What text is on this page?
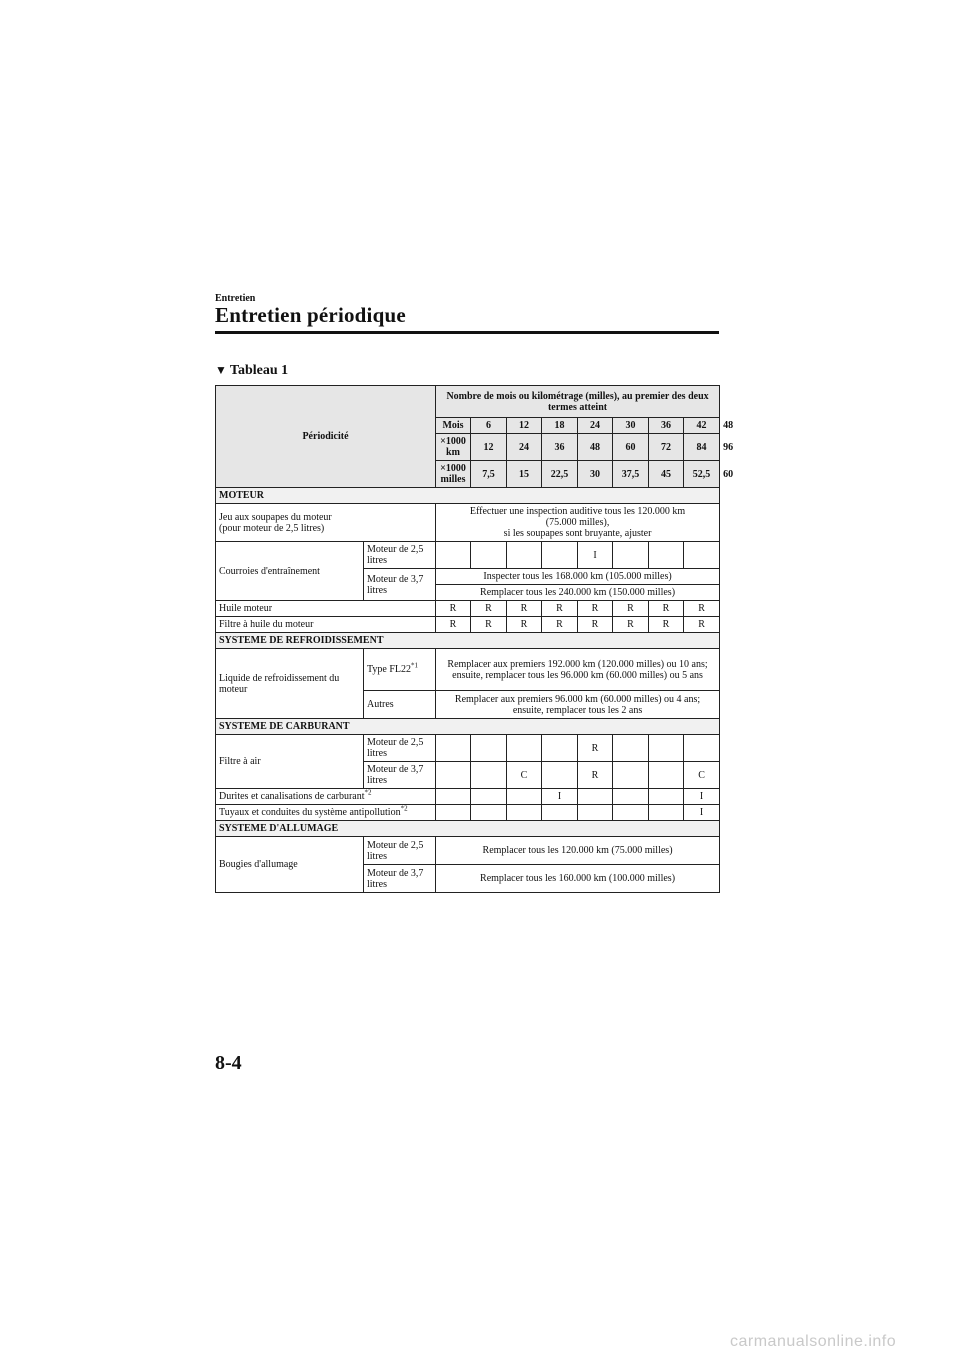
Entretien
Entretien périodique
▼ Tableau 1
Périodicité		Nombre de mois ou kilométrage (milles), au premier des deux termes atteint								
		Mois	6	12	18	24	30	36	42	48
		×1000 km	12	24	36	48	60	72	84	96
		×1000 milles	7,5	15	22,5	30	37,5	45	52,5	60
MOTEUR										
Jeu aux soupapes du moteur
(pour moteur de 2,5 litres)		Effectuer une inspection auditive tous les 120.000 km
(75.000 milles),
si les soupapes sont bruyante, ajuster								
Courroies d'entraînement	Moteur de 2,5 litres					I				
	Moteur de 3,7 litres	Inspecter tous les 168.000 km (105.000 milles)								
		Remplacer tous les 240.000 km (150.000 milles)								
Huile moteur		R	R	R	R	R	R	R	R	
Filtre à huile du moteur		R	R	R	R	R	R	R	R	
SYSTEME DE REFROIDISSEMENT										
Liquide de refroidissement du moteur	Type FL22$^{*1}$	Remplacer aux premiers 192.000 km (120.000 milles) ou 10 ans; ensuite, remplacer tous les 96.000 km (60.000 milles) ou 5 ans								
	Autres	Remplacer aux premiers 96.000 km (60.000 milles) ou 4 ans; ensuite, remplacer tous les 2 ans								
SYSTEME DE CARBURANT										
Filtre à air	Moteur de 2,5 litres					R				
	Moteur de 3,7 litres			C		R			C	
Durites et canalisations de carburant$^{*2}$					I				I	
Tuyaux et conduites du système antipollution$^{*2}$									I	
SYSTEME D'ALLUMAGE										
Bougies d'allumage	Moteur de 2,5 litres	Remplacer tous les 120.000 km (75.000 milles)								
	Moteur de 3,7 litres	Remplacer tous les 160.000 km (100.000 milles)								
8-4
carmanualsonline.info
